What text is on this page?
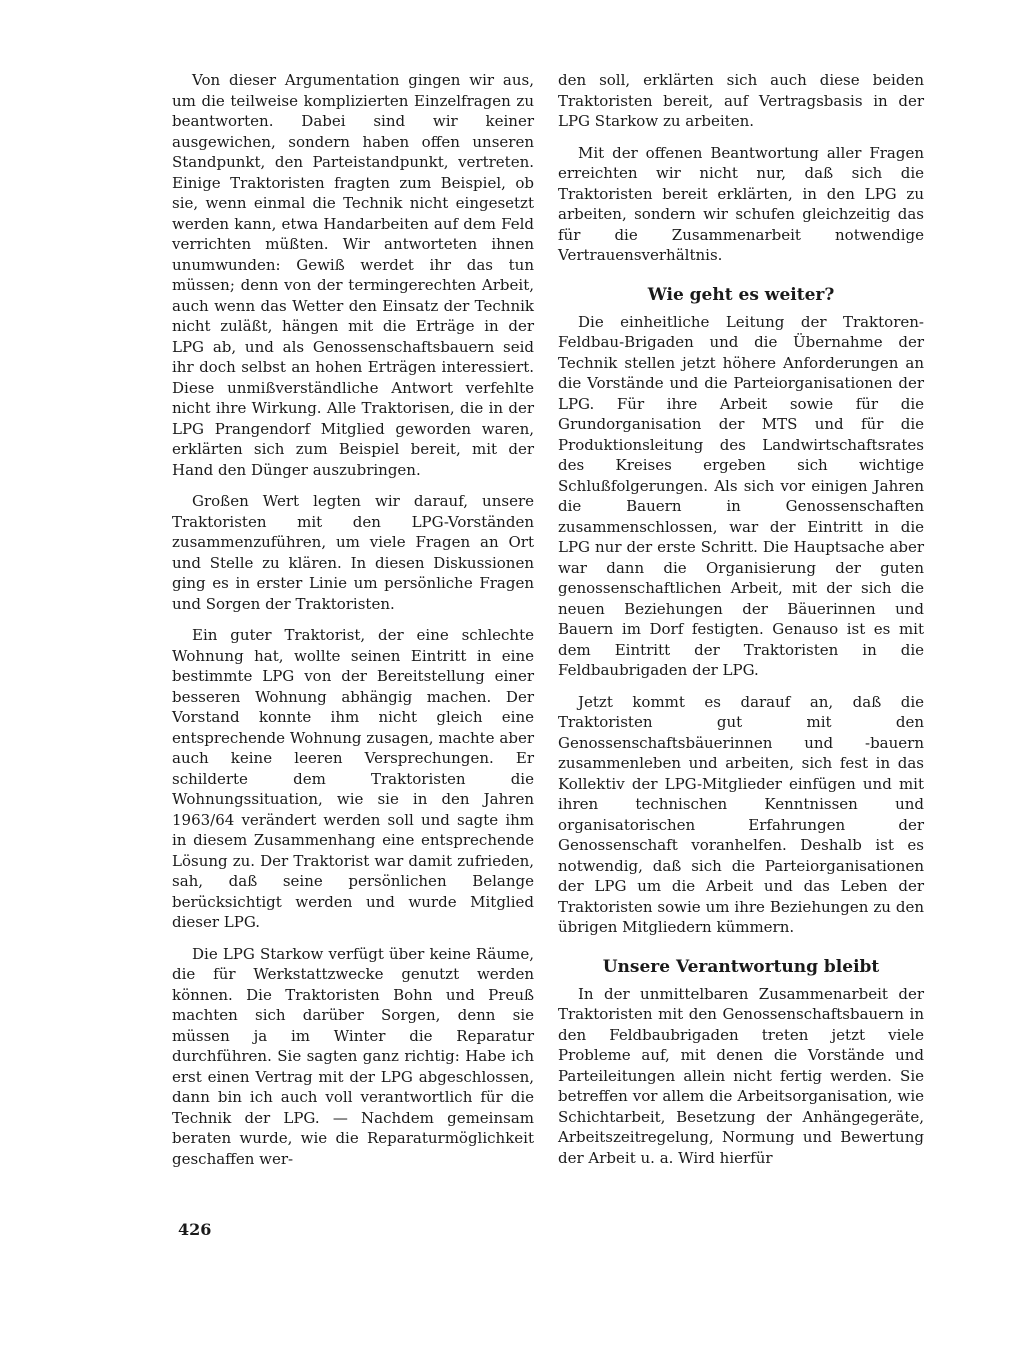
Von dieser Argumentation gingen wir aus, um die teilweise komplizierten Einzelfragen zu beantworten. Dabei sind wir keiner ausgewichen, sondern haben offen unseren Standpunkt, den Parteistandpunkt, vertreten. Einige Traktoristen fragten zum Beispiel, ob sie, wenn einmal die Technik nicht eingesetzt werden kann, etwa Handarbeiten auf dem Feld verrichten müßten. Wir antworteten ihnen unumwunden: Gewiß werdet ihr das tun müssen; denn von der termingerechten Arbeit, auch wenn das Wetter den Einsatz der Technik nicht zuläßt, hängen mit die Erträge in der LPG ab, und als Genossenschaftsbauern seid ihr doch selbst an hohen Erträgen interessiert. Diese unmißverständliche Antwort verfehlte nicht ihre Wirkung. Alle Traktorisen, die in der LPG Prangendorf Mitglied geworden waren, erklärten sich zum Beispiel bereit, mit der Hand den Dünger auszubringen.

Großen Wert legten wir darauf, unsere Traktoristen mit den LPG-Vorständen zusammenzuführen, um viele Fragen an Ort und Stelle zu klären. In diesen Diskussionen ging es in erster Linie um persönliche Fragen und Sorgen der Traktoristen.

Ein guter Traktorist, der eine schlechte Wohnung hat, wollte seinen Eintritt in eine bestimmte LPG von der Bereitstellung einer besseren Wohnung abhängig machen. Der Vorstand konnte ihm nicht gleich eine entsprechende Wohnung zusagen, machte aber auch keine leeren Versprechungen. Er schilderte dem Traktoristen die Wohnungssituation, wie sie in den Jahren 1963/64 verändert werden soll und sagte ihm in diesem Zusammenhang eine entsprechende Lösung zu. Der Traktorist war damit zufrieden, sah, daß seine persönlichen Belange berücksichtigt werden und wurde Mitglied dieser LPG.

Die LPG Starkow verfügt über keine Räume, die für Werkstattzwecke genutzt werden können. Die Traktoristen Bohn und Preuß machten sich darüber Sorgen, denn sie müssen ja im Winter die Reparatur durchführen. Sie sagten ganz richtig: Habe ich erst einen Vertrag mit der LPG abgeschlossen, dann bin ich auch voll verantwortlich für die Technik der LPG. — Nachdem gemeinsam beraten wurde, wie die Reparaturmöglichkeit geschaffen wer-

den soll, erklärten sich auch diese beiden Traktoristen bereit, auf Vertragsbasis in der LPG Starkow zu arbeiten.

Mit der offenen Beantwortung aller Fragen erreichten wir nicht nur, daß sich die Traktoristen bereit erklärten, in den LPG zu arbeiten, sondern wir schufen gleichzeitig das für die Zusammenarbeit notwendige Vertrauensverhältnis.

Wie geht es weiter?

Die einheitliche Leitung der Traktoren-Feldbau-Brigaden und die Übernahme der Technik stellen jetzt höhere Anforderungen an die Vorstände und die Parteiorganisationen der LPG. Für ihre Arbeit sowie für die Grundorganisation der MTS und für die Produktionsleitung des Landwirtschaftsrates des Kreises ergeben sich wichtige Schlußfolgerungen. Als sich vor einigen Jahren die Bauern in Genossenschaften zusammenschlossen, war der Eintritt in die LPG nur der erste Schritt. Die Hauptsache aber war dann die Organisierung der guten genossenschaftlichen Arbeit, mit der sich die neuen Beziehungen der Bäuerinnen und Bauern im Dorf festigten. Genauso ist es mit dem Eintritt der Traktoristen in die Feldbaubrigaden der LPG.

Jetzt kommt es darauf an, daß die Traktoristen gut mit den Genossenschaftsbäuerinnen und -bauern zusammenleben und arbeiten, sich fest in das Kollektiv der LPG-Mitglieder einfügen und mit ihren technischen Kenntnissen und organisatorischen Erfahrungen der Genossenschaft voranhelfen. Deshalb ist es notwendig, daß sich die Parteiorganisationen der LPG um die Arbeit und das Leben der Traktoristen sowie um ihre Beziehungen zu den übrigen Mitgliedern kümmern.

Unsere Verantwortung bleibt

In der unmittelbaren Zusammenarbeit der Traktoristen mit den Genossenschaftsbauern in den Feldbaubrigaden treten jetzt viele Probleme auf, mit denen die Vorstände und Parteileitungen allein nicht fertig werden. Sie betreffen vor allem die Arbeitsorganisation, wie Schichtarbeit, Besetzung der Anhängegeräte, Arbeitszeitregelung, Normung und Bewertung der Arbeit u. a. Wird hierfür

426
